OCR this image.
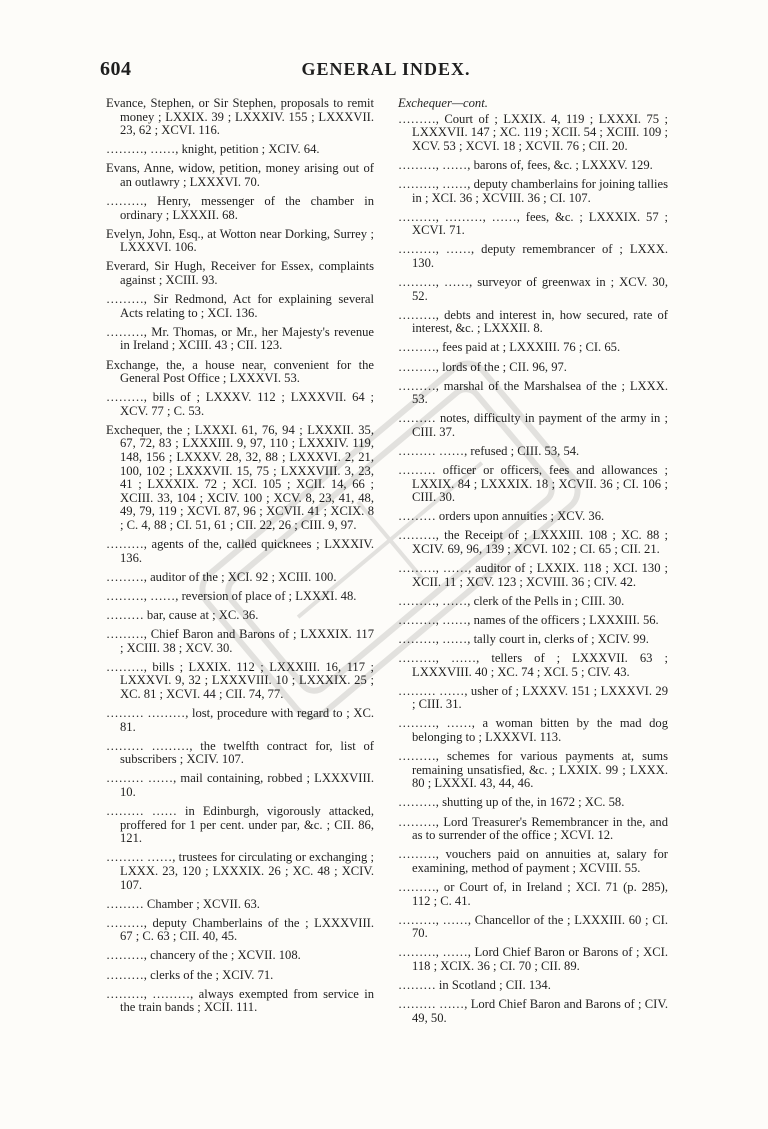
604	GENERAL INDEX.
Evance, Stephen, or Sir Stephen, proposals to remit money ; LXXIX. 39 ; LXXXIV. 155 ; LXXXVII. 23, 62 ; XCVI. 116.
………, ……, knight, petition ; XCIV. 64.
Evans, Anne, widow, petition, money arising out of an outlawry ; LXXXVI. 70.
………, Henry, messenger of the chamber in ordinary ; LXXXII. 68.
Evelyn, John, Esq., at Wotton near Dorking, Surrey ; LXXXVI. 106.
Everard, Sir Hugh, Receiver for Essex, complaints against ; XCIII. 93.
………, Sir Redmond, Act for explaining several Acts relating to ; XCI. 136.
………, Mr. Thomas, or Mr., her Majesty's revenue in Ireland ; XCIII. 43 ; CII. 123.
Exchange, the, a house near, convenient for the General Post Office ; LXXXVI. 53.
………, bills of ; LXXXV. 112 ; LXXXVII. 64 ; XCV. 77 ; C. 53.
Exchequer, the ; LXXXI. 61, 76, 94 ; LXXXII. 35, 67, 72, 83 ; LXXXIII. 9, 97, 110 ; LXXXIV. 119, 148, 156 ; LXXXV. 28, 32, 88 ; LXXXVI. 2, 21, 100, 102 ; LXXXVII. 15, 75 ; LXXXVIII. 3, 23, 41 ; LXXXIX. 72 ; XCI. 105 ; XCII. 14, 66 ; XCIII. 33, 104 ; XCIV. 100 ; XCV. 8, 23, 41, 48, 49, 79, 119 ; XCVI. 87, 96 ; XCVII. 41 ; XCIX. 8 ; C. 4, 88 ; CI. 51, 61 ; CII. 22, 26 ; CIII. 9, 97.
………, agents of the, called quicknees ; LXXXIV. 136.
………, auditor of the ; XCI. 92 ; XCIII. 100.
………, ……, reversion of place of ; LXXXI. 48.
……… bar, cause at ; XC. 36.
………, Chief Baron and Barons of ; LXXXIX. 117 ; XCIII. 38 ; XCV. 30.
………, bills ; LXXIX. 112 ; LXXXIII. 16, 117 ; LXXXVI. 9, 32 ; LXXXVIII. 10 ; LXXXIX. 25 ; XC. 81 ; XCVI. 44 ; CII. 74, 77.
……… ………, lost, procedure with regard to ; XC. 81.
……… ………, the twelfth contract for, list of subscribers ; XCIV. 107.
……… ……, mail containing, robbed ; LXXXVIII. 10.
……… …… in Edinburgh, vigorously attacked, proffered for 1 per cent. under par, &c. ; CII. 86, 121.
……… ……, trustees for circulating or exchanging ; LXXX. 23, 120 ; LXXXIX. 26 ; XC. 48 ; XCIV. 107.
……… Chamber ; XCVII. 63.
………, deputy Chamberlains of the ; LXXXVIII. 67 ; C. 63 ; CII. 40, 45.
………, chancery of the ; XCVII. 108.
………, clerks of the ; XCIV. 71.
………, ………, always exempted from service in the train bands ; XCII. 111.
Exchequer—cont.
………, Court of ; LXXIX. 4, 119 ; LXXXI. 75 ; LXXXVII. 147 ; XC. 119 ; XCII. 54 ; XCIII. 109 ; XCV. 53 ; XCVI. 18 ; XCVII. 76 ; CII. 20.
………, ……, barons of, fees, &c. ; LXXXV. 129.
………, ……, deputy chamberlains for joining tallies in ; XCI. 36 ; XCVIII. 36 ; CI. 107.
………, ………, ……, fees, &c. ; LXXXIX. 57 ; XCVI. 71.
………, ……, deputy remembrancer of ; LXXX. 130.
………, ……, surveyor of greenwax in ; XCV. 30, 52.
………, debts and interest in, how secured, rate of interest, &c. ; LXXXII. 8.
………, fees paid at ; LXXXIII. 76 ; CI. 65.
………, lords of the ; CII. 96, 97.
………, marshal of the Marshalsea of the ; LXXX. 53.
……… notes, difficulty in payment of the army in ; CIII. 37.
……… ……, refused ; CIII. 53, 54.
……… officer or officers, fees and allowances ; LXXIX. 84 ; LXXXIX. 18 ; XCVII. 36 ; CI. 106 ; CIII. 30.
……… orders upon annuities ; XCV. 36.
………, the Receipt of ; LXXXIII. 108 ; XC. 88 ; XCIV. 69, 96, 139 ; XCVI. 102 ; CI. 65 ; CII. 21.
………, ……, auditor of ; LXXIX. 118 ; XCI. 130 ; XCII. 11 ; XCV. 123 ; XCVIII. 36 ; CIV. 42.
………, ……, clerk of the Pells in ; CIII. 30.
………, ……, names of the officers ; LXXXIII. 56.
………, ……, tally court in, clerks of ; XCIV. 99.
………, ……, tellers of ; LXXXVII. 63 ; LXXXVIII. 40 ; XC. 74 ; XCI. 5 ; CIV. 43.
……… ……, usher of ; LXXXV. 151 ; LXXXVI. 29 ; CIII. 31.
………, ……, a woman bitten by the mad dog belonging to ; LXXXVI. 113.
………, schemes for various payments at, sums remaining unsatisfied, &c. ; LXXIX. 99 ; LXXX. 80 ; LXXXI. 43, 44, 46.
………, shutting up of the, in 1672 ; XC. 58.
………, Lord Treasurer's Remembrancer in the, and as to surrender of the office ; XCVI. 12.
………, vouchers paid on annuities at, salary for examining, method of payment ; XCVIII. 55.
………, or Court of, in Ireland ; XCI. 71 (p. 285), 112 ; C. 41.
………, ……, Chancellor of the ; LXXXIII. 60 ; CI. 70.
………, ……, Lord Chief Baron or Barons of ; XCI. 118 ; XCIX. 36 ; CI. 70 ; CII. 89.
……… in Scotland ; CII. 134.
……… ……, Lord Chief Baron and Barons of ; CIV. 49, 50.
